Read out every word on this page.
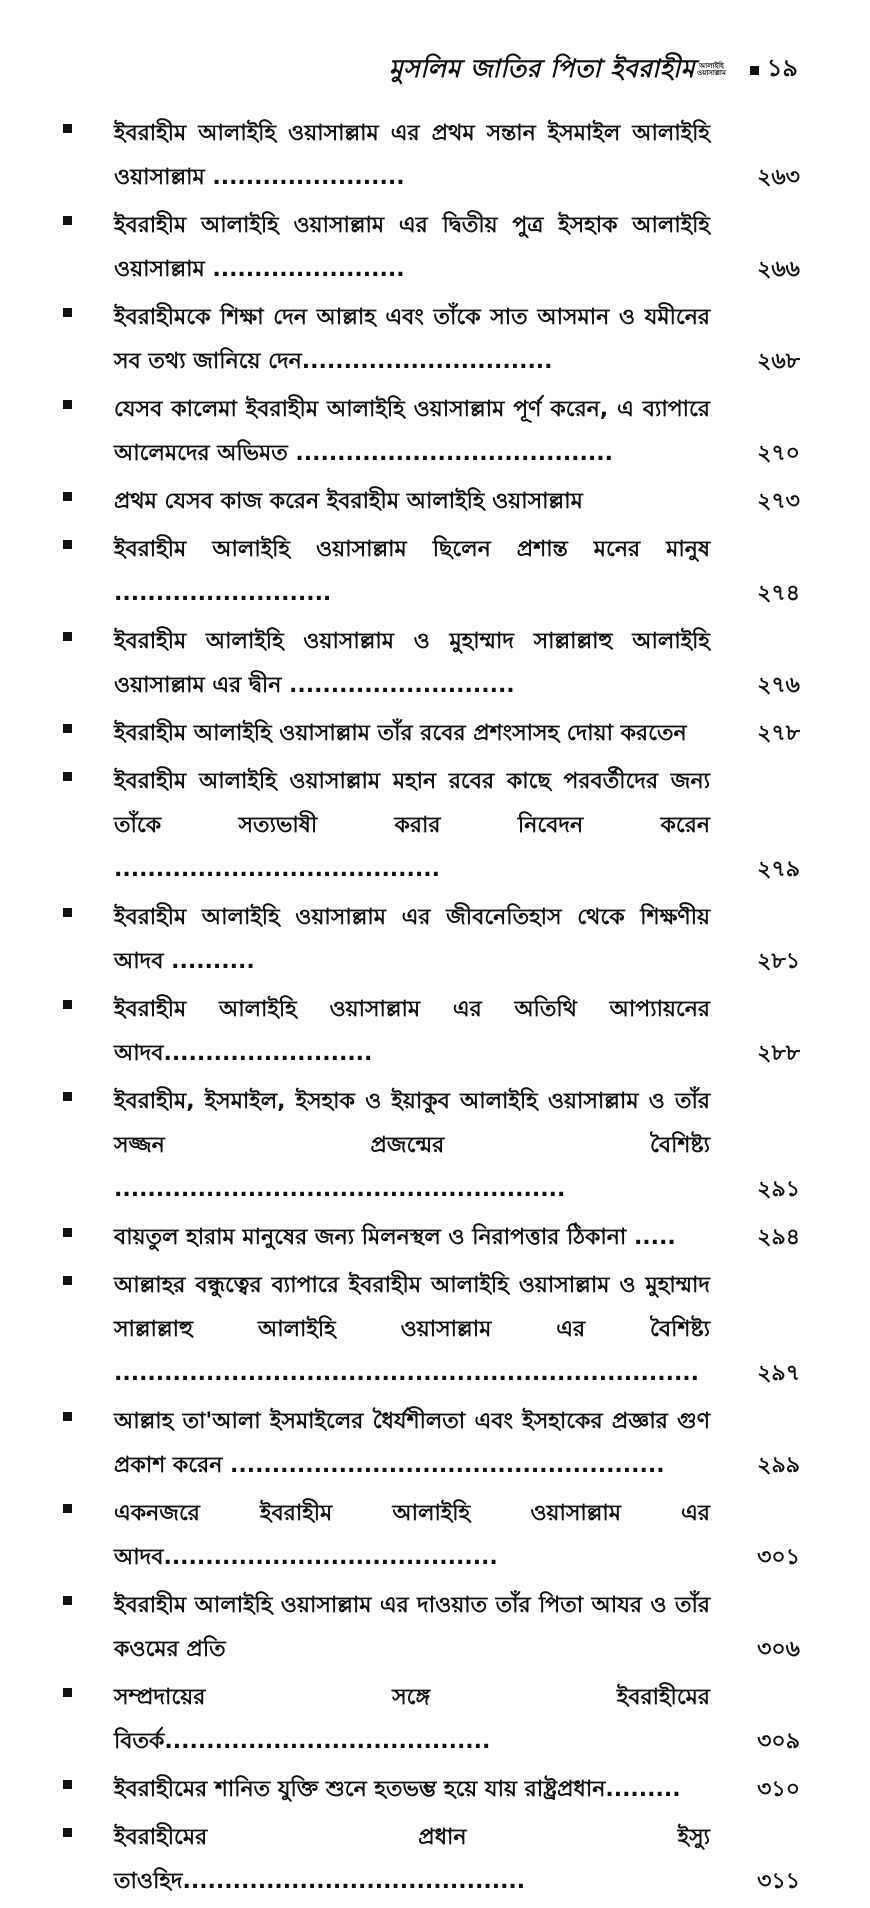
মুসলিম জাতির পিতা ইবরাহীম আলাইহি
ওয়াসাল্লাম ১৯
ইবরাহীম আলাইহি ওয়াসাল্লাম এর প্রথম সন্তান ইসমাইল আলাইহি ওয়াসাল্লাম .......................	২৬৩
ইবরাহীম আলাইহি ওয়াসাল্লাম এর দ্বিতীয় পুত্র ইসহাক আলাইহি ওয়াসাল্লাম .......................	২৬৬
ইবরাহীমকে শিক্ষা দেন আল্লাহ এবং তাঁকে সাত আসমান ও যমীনের সব তথ্য জানিয়ে দেন..............................	২৬৮
যেসব কালেমা ইবরাহীম আলাইহি ওয়াসাল্লাম পূর্ণ করেন, এ ব্যাপারে আলেমদের অভিমত ......................................	২৭০
প্রথম যেসব কাজ করেন ইবরাহীম আলাইহি ওয়াসাল্লাম	২৭৩
ইবরাহীম আলাইহি ওয়াসাল্লাম ছিলেন প্রশান্ত মনের মানুষ ..........................	২৭৪
ইবরাহীম আলাইহি ওয়াসাল্লাম ও মুহাম্মাদ সাল্লাল্লাহু আলাইহি ওয়াসাল্লাম এর দ্বীন ...........................	২৭৬
ইবরাহীম আলাইহি ওয়াসাল্লাম তাঁর রবের প্রশংসাসহ দোয়া করতেন	২৭৮
ইবরাহীম আলাইহি ওয়াসাল্লাম মহান রবের কাছে পরবর্তীদের জন্য তাঁকে সত্যভাষী করার নিবেদন করেন .......................................	২৭৯
ইবরাহীম আলাইহি ওয়াসাল্লাম এর জীবনেতিহাস থেকে শিক্ষণীয় আদব ..........	২৮১
ইবরাহীম আলাইহি ওয়াসাল্লাম এর অতিথি আপ্যায়নের আদব.........................	২৮৮
ইবরাহীম, ইসমাইল, ইসহাক ও ইয়াকুব আলাইহি ওয়াসাল্লাম ও তাঁর সজ্জন প্রজন্মের বৈশিষ্ট্য ......................................................	২৯১
বায়তুল হারাম মানুষের জন্য মিলনস্থল ও নিরাপত্তার ঠিকানা .....	২৯৪
আল্লাহর বন্ধুত্বের ব্যাপারে ইবরাহীম আলাইহি ওয়াসাল্লাম ও মুহাম্মাদ সাল্লাল্লাহু আলাইহি ওয়াসাল্লাম এর বৈশিষ্ট্য ......................................................................	২৯৭
আল্লাহ তা'আলা ইসমাইলের ধৈর্যশীলতা এবং ইসহাকের প্রজ্ঞার গুণ প্রকাশ করেন ....................................................	২৯৯
একনজরে ইবরাহীম আলাইহি ওয়াসাল্লাম এর আদব........................................	৩০১
ইবরাহীম আলাইহি ওয়াসাল্লাম এর দাওয়াত তাঁর পিতা আযর ও তাঁর কওমের প্রতি	৩০৬
সম্প্রদায়ের সঙ্গে ইবরাহীমের বিতর্ক.......................................	৩০৯
ইবরাহীমের শানিত যুক্তি শুনে হতভম্ভ হয়ে যায় রাষ্ট্রপ্রধান.........	৩১০
ইবরাহীমের প্রধান ইস্যু তাওহিদ.........................................	৩১১
